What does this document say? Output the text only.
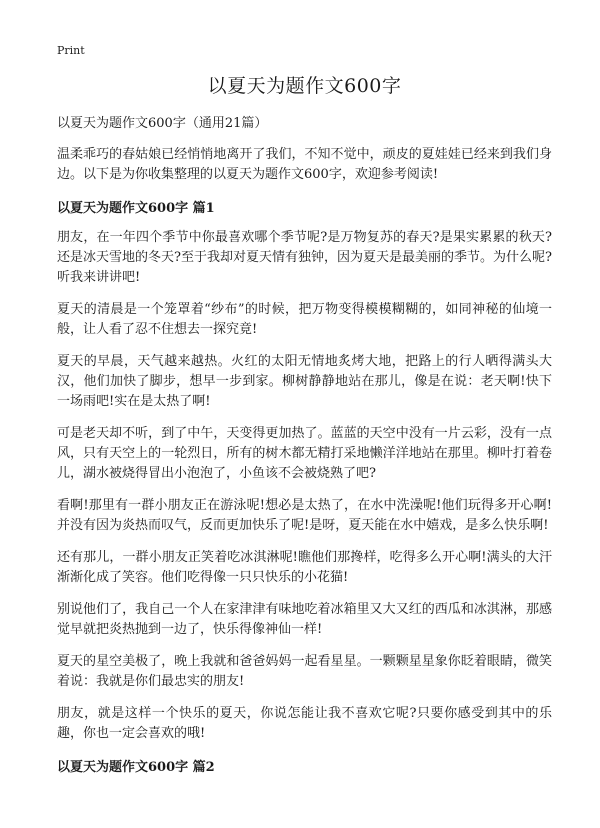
Print
以夏天为题作文600字
以夏天为题作文600字（通用21篇）

温柔乖巧的春姑娘已经悄悄地离开了我们，不知不觉中，顽皮的夏娃娃已经来到我们身边。以下是为你收集整理的以夏天为题作文600字，欢迎参考阅读!

以夏天为题作文600字 篇1

朋友，在一年四个季节中你最喜欢哪个季节呢?是万物复苏的春天?是果实累累的秋天?还是冰天雪地的冬天?至于我却对夏天情有独钟，因为夏天是最美丽的季节。为什么呢?听我来讲讲吧!

夏天的清晨是一个笼罩着“纱布”的时候，把万物变得模模糊糊的，如同神秘的仙境一般，让人看了忍不住想去一探究竟!

夏天的早晨，天气越来越热。火红的太阳无情地炙烤大地，把路上的行人晒得满头大汉，他们加快了脚步，想早一步到家。柳树静静地站在那儿，像是在说：老天啊!快下一场雨吧!实在是太热了啊!

可是老天却不听，到了中午，天变得更加热了。蓝蓝的天空中没有一片云彩，没有一点风，只有天空上的一轮烈日，所有的树木都无精打采地懒洋洋地站在那里。柳叶打着卷儿，湖水被烧得冒出小泡泡了，小鱼该不会被烧熟了吧?

看啊!那里有一群小朋友正在游泳呢!想必是太热了，在水中洗澡呢!他们玩得多开心啊!并没有因为炎热而叹气，反而更加快乐了呢!是呀，夏天能在水中嬉戏，是多么快乐啊!

还有那儿，一群小朋友正笑着吃冰淇淋呢!瞧他们那搀样，吃得多么开心啊!满头的大汗渐渐化成了笑容。他们吃得像一只只快乐的小花猫!

别说他们了，我自己一个人在家津津有味地吃着冰箱里又大又红的西瓜和冰淇淋，那感觉早就把炎热抛到一边了，快乐得像神仙一样!

夏天的星空美极了，晚上我就和爸爸妈妈一起看星星。一颗颗星星象你眨着眼睛，微笑着说：我就是你们最忠实的朋友!

朋友，就是这样一个快乐的夏天，你说怎能让我不喜欢它呢?只要你感受到其中的乐趣，你也一定会喜欢的哦!

以夏天为题作文600字 篇2
